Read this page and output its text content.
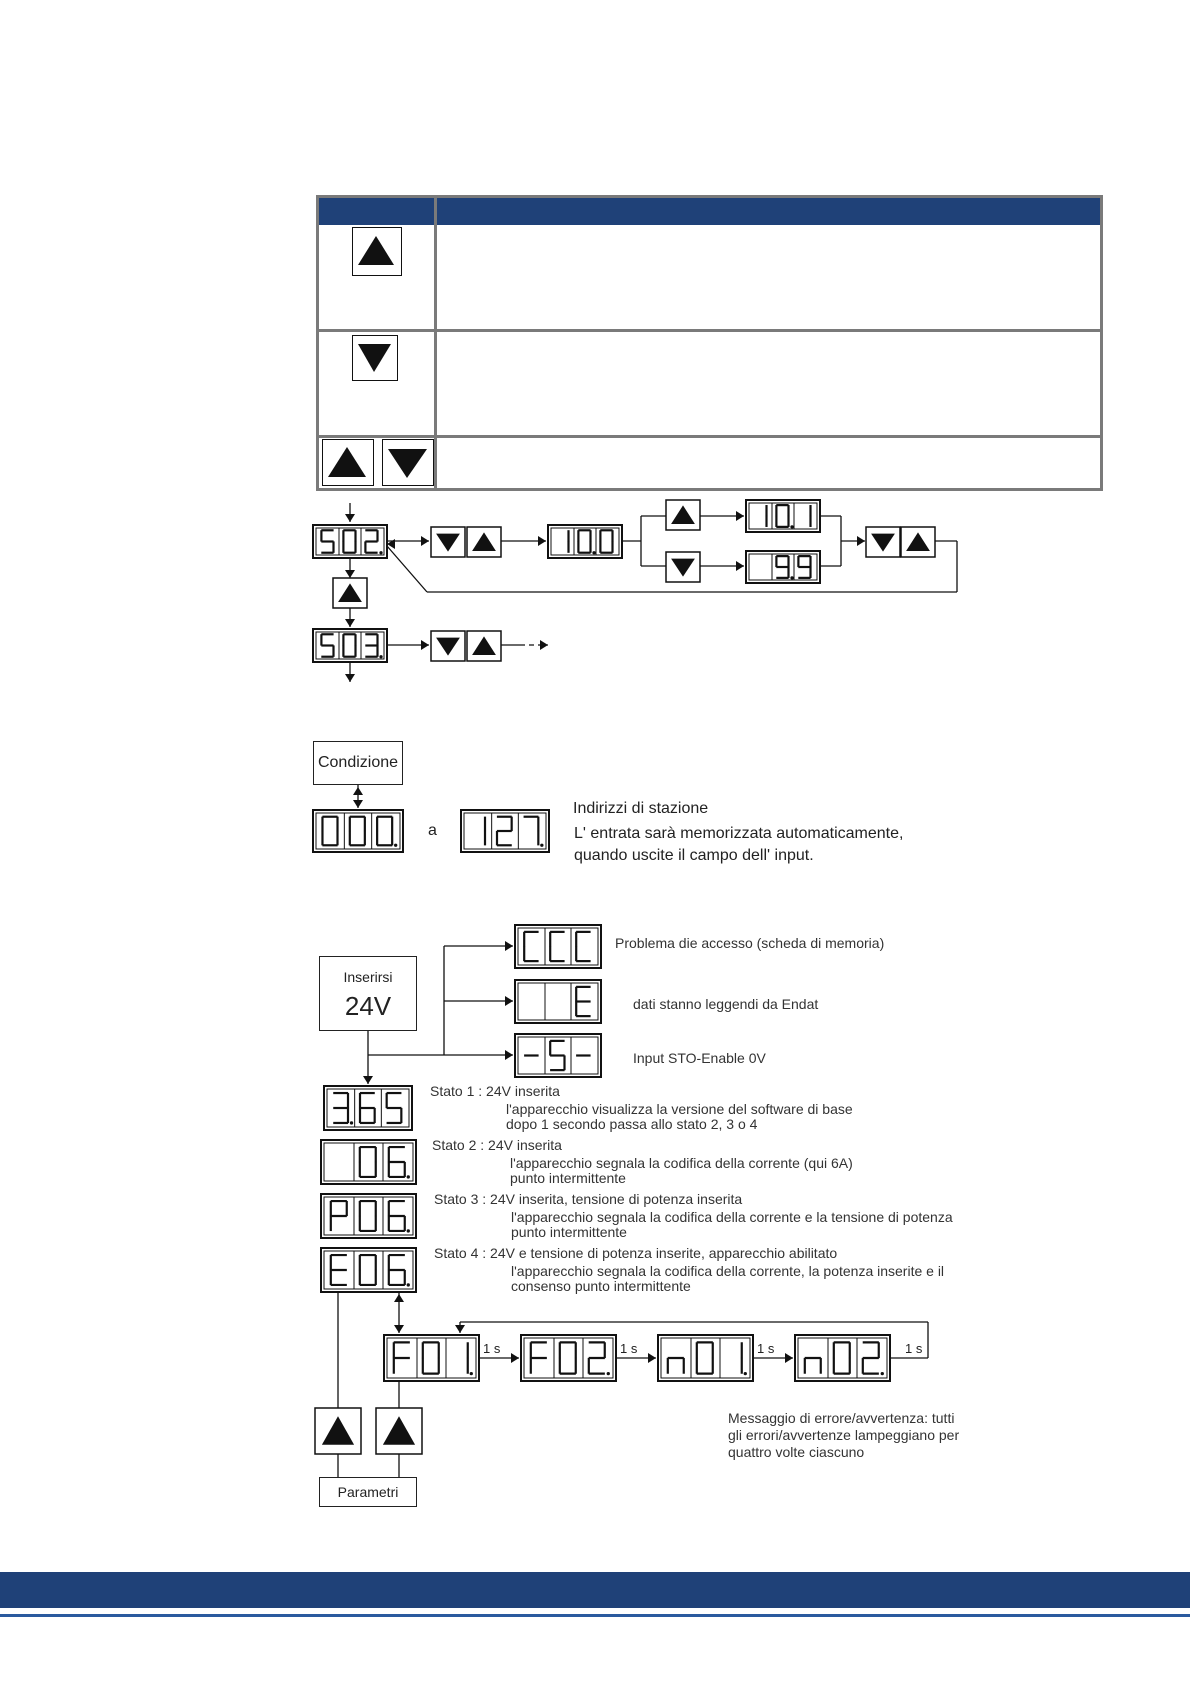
1 s	1 s	1 s	1 s
Condizione
a
Indirizzi di stazione
L' entrata sarà memorizzata automaticamente,
quando uscite il campo dell' input.
Inserirsi
24V
Problema die accesso (scheda di memoria)
dati stanno leggendi da Endat
Input STO-Enable 0V
Stato 1 : 24V inserita
l'apparecchio visualizza la versione del software di base
dopo 1 secondo passa allo stato 2, 3 o 4
Stato 2 : 24V inserita
l'apparecchio segnala la codifica della corrente (qui 6A)
punto intermittente
Stato 3 : 24V inserita, tensione di potenza inserita
l'apparecchio segnala la codifica della corrente e la tensione di potenza
punto intermittente
Stato 4 : 24V e tensione di potenza inserite, apparecchio abilitato
l'apparecchio segnala la codifica della corrente, la potenza inserite e il
consenso punto intermittente
Messaggio di errore/avvertenza: tutti
gli errori/avvertenze lampeggiano per
quattro volte ciascuno
Parametri
